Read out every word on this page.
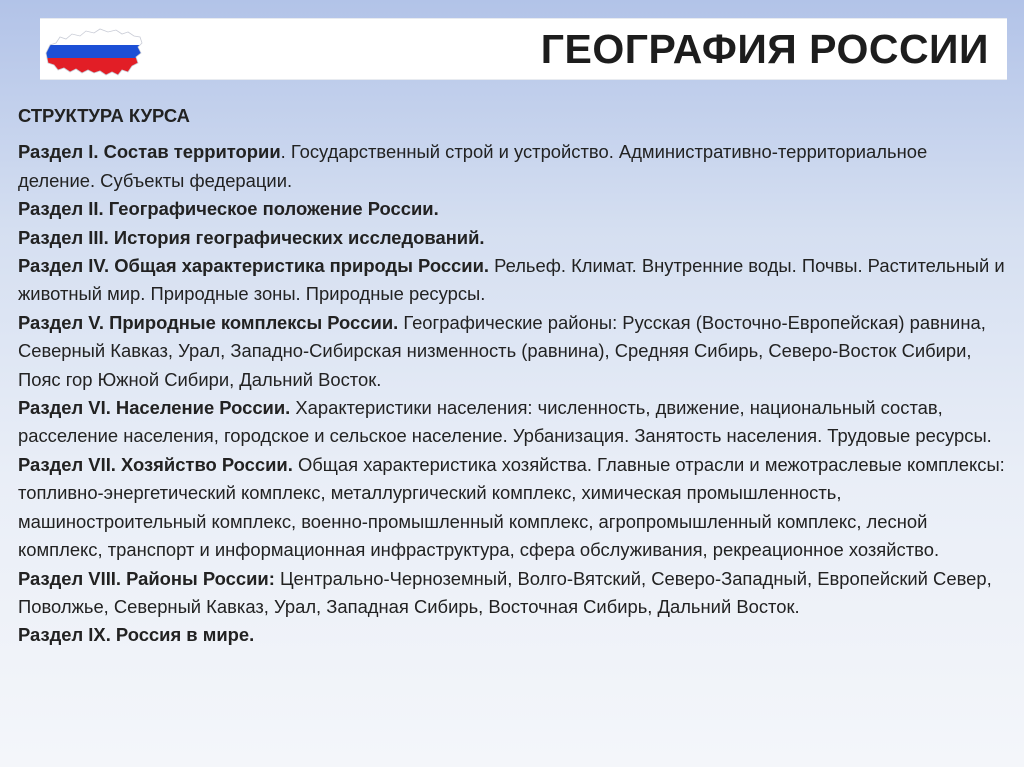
ГЕОГРАФИЯ РОССИИ
СТРУКТУРА КУРСА
Раздел I. Состав территории. Государственный строй и устройство. Административно-территориальное деление. Субъекты федерации.
Раздел II. Географическое положение России.
Раздел III. История географических исследований.
Раздел IV. Общая характеристика природы России. Рельеф. Климат. Внутренние воды. Почвы. Растительный и животный мир. Природные зоны. Природные ресурсы.
Раздел V. Природные комплексы России. Географические районы: Русская (Восточно-Европейская) равнина, Северный Кавказ, Урал, Западно-Сибирская низменность (равнина), Средняя Сибирь, Северо-Восток Сибири, Пояс гор Южной Сибири, Дальний Восток.
Раздел VI. Население России. Характеристики населения: численность, движение, национальный состав, расселение населения, городское и сельское население. Урбанизация. Занятость населения. Трудовые ресурсы.
Раздел VII. Хозяйство России. Общая характеристика хозяйства. Главные отрасли и межотраслевые комплексы: топливно-энергетический комплекс, металлургический комплекс, химическая промышленность, машиностроительный комплекс, военно-промышленный комплекс, агропромышленный комплекс, лесной комплекс, транспорт и информационная инфраструктура, сфера обслуживания, рекреационное хозяйство.
Раздел VIII. Районы России: Центрально-Черноземный, Волго-Вятский, Северо-Западный, Европейский Север, Поволжье, Северный Кавказ, Урал, Западная Сибирь, Восточная Сибирь, Дальний Восток.
Раздел IX. Россия в мире.
